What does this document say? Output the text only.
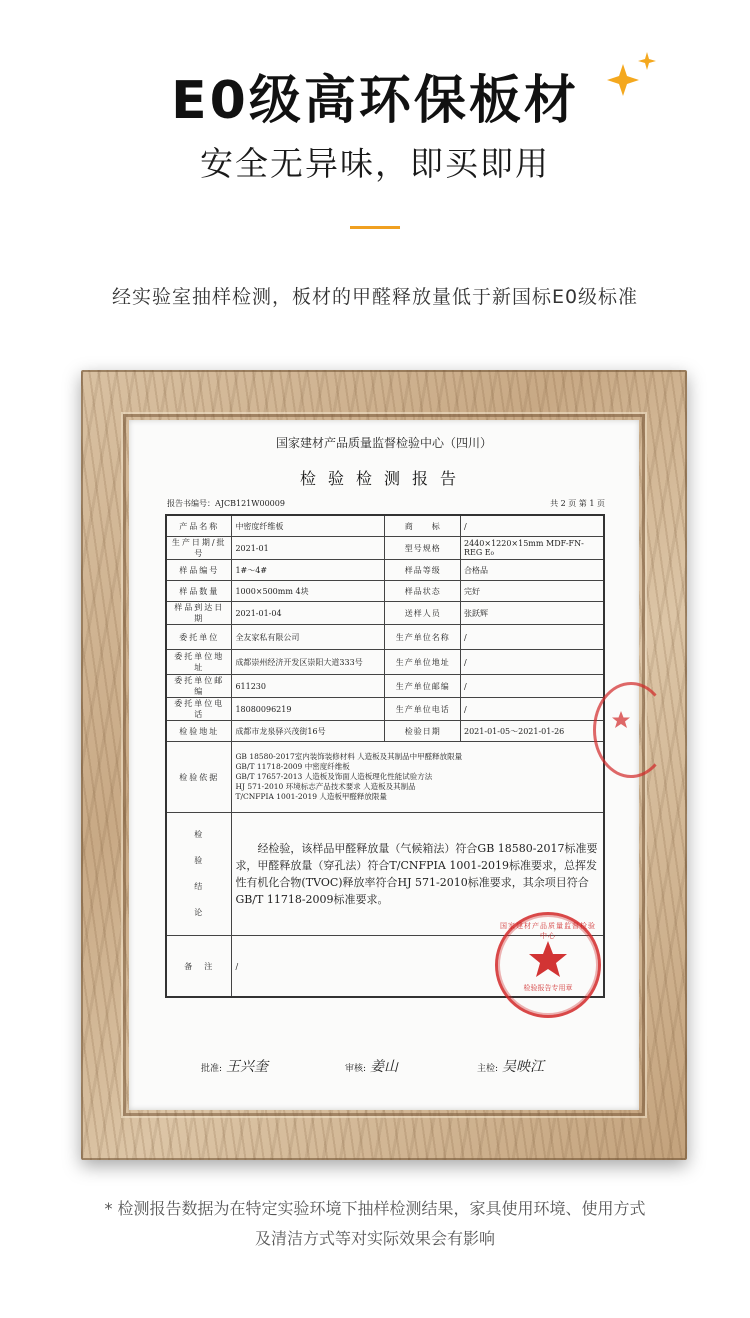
E0级高环保板材
安全无异味，即买即用
经实验室抽样检测，板材的甲醛释放量低于新国标E0级标准
国家建材产品质量监督检验中心（四川）
检验检测报告
报告书编号：AJCB121W00009	共 2 页 第 1 页
产品名称	中密度纤维板	商　　标	/
生产日期/批号	2021-01	型号规格	2440×1220×15mm MDF-FN-REG E₀
样品编号	1#～4#	样品等级	合格品
样品数量	1000×500mm 4块	样品状态	完好
样品到达日期	2021-01-04	送样人员	张跃辉
委托单位	全友家私有限公司	生产单位名称	/
委托单位地址	成都崇州经济开发区崇阳大道333号	生产单位地址	/
委托单位邮编	611230	生产单位邮编	/
委托单位电话	18080096219	生产单位电话	/
检验地址	成都市龙泉驿兴茂街16号	检验日期	2021-01-05～2021-01-26
检验依据	GB 18580-2017室内装饰装修材料 人造板及其制品中甲醛释放限量
GB/T 11718-2009 中密度纤维板
GB/T 17657-2013 人造板及饰面人造板理化性能试验方法
HJ 571-2010 环境标志产品技术要求 人造板及其制品
T/CNFPIA 1001-2019 人造板甲醛释放限量		

检
验
结
论	经检验，该样品甲醛释放量（气候箱法）符合GB 18580-2017标准要求，甲醛释放量（穿孔法）符合T/CNFPIA 1001-2019标准要求，总挥发性有机化合物(TVOC)释放率符合HJ 571-2010标准要求，其余项目符合GB/T 11718-2009标准要求。		
备　注	/		
批准: 王兴奎	审核: 姜山	主检: 吴映江
国家建材产品质量监督检验中心
检验报告专用章
* 检测报告数据为在特定实验环境下抽样检测结果，家具使用环境、使用方式
及清洁方式等对实际效果会有影响
